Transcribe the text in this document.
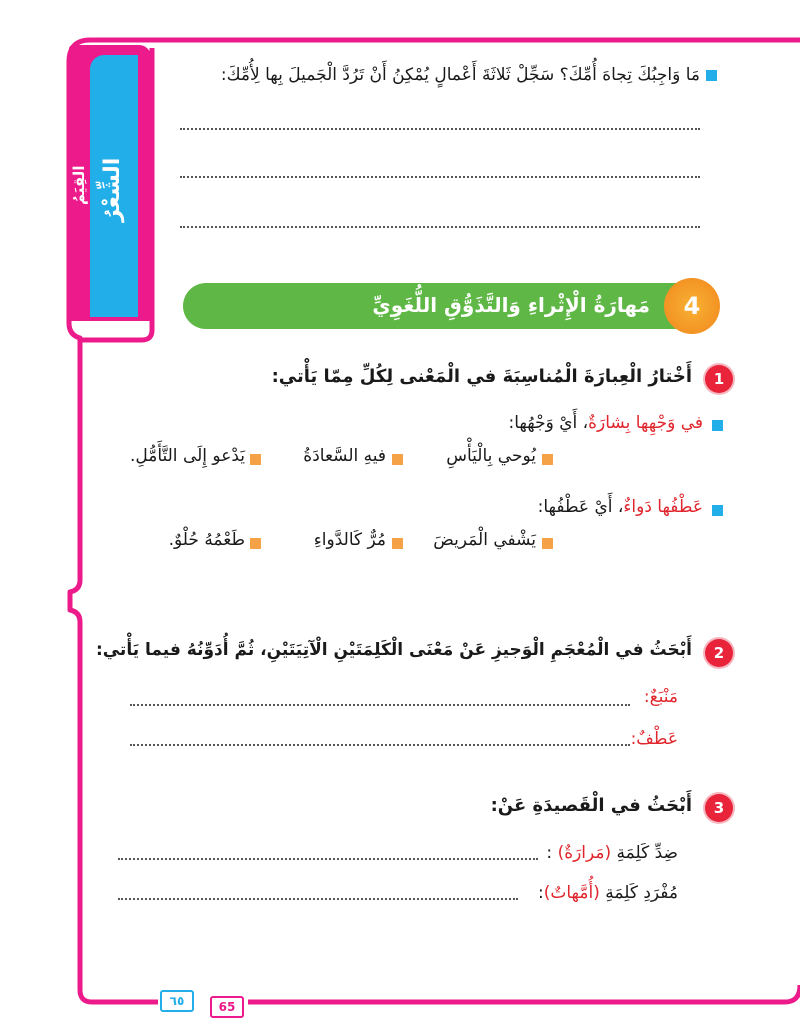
القِيَمُ الشِّعْرُ
مَا وَاجِبُكَ تِجاهَ أُمِّكَ؟ سَجِّلْ ثَلاثَةَ أَعْمالٍ يُمْكِنُ أَنْ تَرُدَّ الْجَميلَ بِها لِأُمِّكَ:
مَهارَةُ الْإِثْراءِ وَالتَّذَوُّقِ اللُّغَوِيِّ	4
1
أَخْتارُ الْعِبارَةَ الْمُناسِبَةَ في الْمَعْنى لِكُلِّ مِمّا يَأْتي:
في وَجْهِها بِشارَةٌ، أَيْ وَجْهُها:
يُوحي بِالْيَأْسِ
فيهِ السَّعادَةُ
يَدْعو إِلَى التَّأَمُّلِ.
عَطْفُها دَواءٌ، أَيْ عَطْفُها:
يَشْفي الْمَريضَ
مُرٌّ كَالدَّواءِ
طَعْمُهُ حُلْوٌ.
2
أَبْحَثُ في الْمُعْجَمِ الْوَجيزِ عَنْ مَعْنَى الْكَلِمَتَيْنِ الْآتِيَتَيْنِ، ثُمَّ أُدَوِّنُهُ فيما يَأْتي:
مَنْبَعٌ:
عَطْفٌ:
3
أَبْحَثُ في الْقَصيدَةِ عَنْ:
ضِدِّ كَلِمَةِ (مَرارَةٌ) :
مُفْرَدِ كَلِمَةِ (أُمَّهاتٌ):
٦٥	65
